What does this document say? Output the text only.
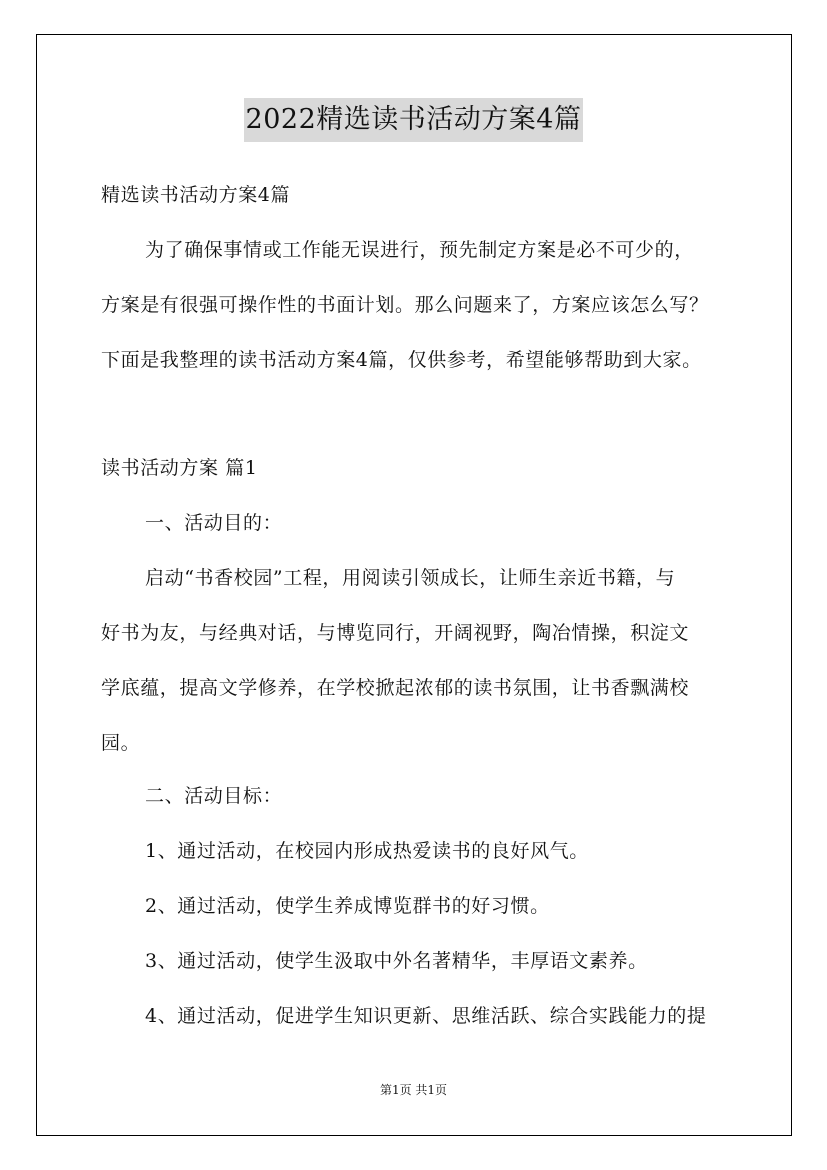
2022精选读书活动方案4篇
精选读书活动方案4篇
为了确保事情或工作能无误进行，预先制定方案是必不可少的，
方案是有很强可操作性的书面计划。那么问题来了，方案应该怎么写？
下面是我整理的读书活动方案4篇，仅供参考，希望能够帮助到大家。
读书活动方案 篇1
一、活动目的：
启动“书香校园”工程，用阅读引领成长，让师生亲近书籍，与
好书为友，与经典对话，与博览同行，开阔视野，陶冶情操，积淀文
学底蕴，提高文学修养，在学校掀起浓郁的读书氛围，让书香飘满校
园。
二、活动目标：
1、通过活动，在校园内形成热爱读书的良好风气。
2、通过活动，使学生养成博览群书的好习惯。
3、通过活动，使学生汲取中外名著精华，丰厚语文素养。
4、通过活动，促进学生知识更新、思维活跃、综合实践能力的提
第1页 共1页
